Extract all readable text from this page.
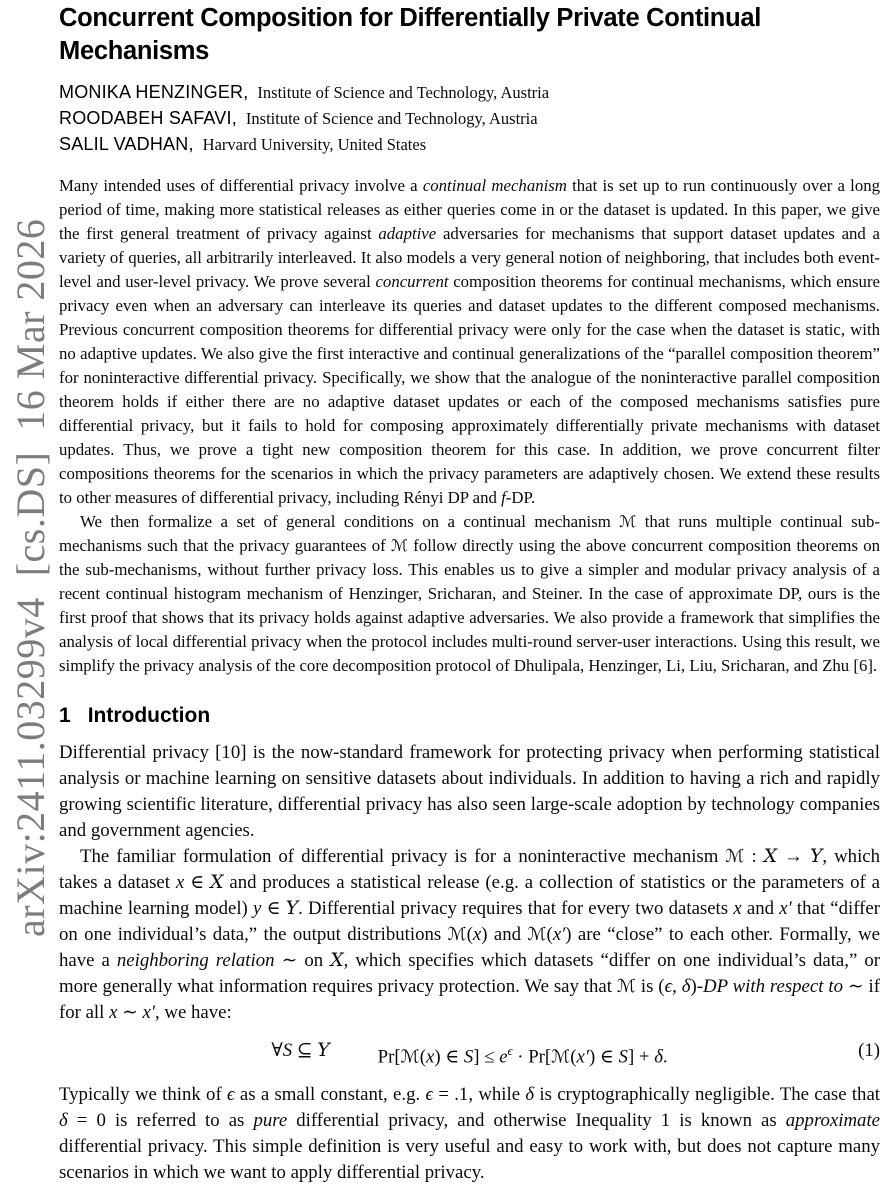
arXiv:2411.03299v4  [cs.DS]  16 Mar 2026
Concurrent Composition for Differentially Private Continual Mechanisms
MONIKA HENZINGER, Institute of Science and Technology, Austria
ROODABEH SAFAVI, Institute of Science and Technology, Austria
SALIL VADHAN, Harvard University, United States

Many intended uses of differential privacy involve a continual mechanism that is set up to run continuously over a long period of time, making more statistical releases as either queries come in or the dataset is updated. In this paper, we give the first general treatment of privacy against adaptive adversaries for mechanisms that support dataset updates and a variety of queries, all arbitrarily interleaved. It also models a very general notion of neighboring, that includes both event-level and user-level privacy. We prove several concurrent composition theorems for continual mechanisms, which ensure privacy even when an adversary can interleave its queries and dataset updates to the different composed mechanisms. Previous concurrent composition theorems for differential privacy were only for the case when the dataset is static, with no adaptive updates. We also give the first interactive and continual generalizations of the “parallel composition theorem” for noninteractive differential privacy. Specifically, we show that the analogue of the noninteractive parallel composition theorem holds if either there are no adaptive dataset updates or each of the composed mechanisms satisfies pure differential privacy, but it fails to hold for composing approximately differentially private mechanisms with dataset updates. Thus, we prove a tight new composition theorem for this case. In addition, we prove concurrent filter compositions theorems for the scenarios in which the privacy parameters are adaptively chosen. We extend these results to other measures of differential privacy, including Rényi DP and f-DP.

We then formalize a set of general conditions on a continual mechanism ℳ that runs multiple continual sub-mechanisms such that the privacy guarantees of ℳ follow directly using the above concurrent composition theorems on the sub-mechanisms, without further privacy loss. This enables us to give a simpler and modular privacy analysis of a recent continual histogram mechanism of Henzinger, Sricharan, and Steiner. In the case of approximate DP, ours is the first proof that shows that its privacy holds against adaptive adversaries. We also provide a framework that simplifies the analysis of local differential privacy when the protocol includes multi-round server-user interactions. Using this result, we simplify the privacy analysis of the core decomposition protocol of Dhulipala, Henzinger, Li, Liu, Sricharan, and Zhu [6].

1 Introduction

Differential privacy [10] is the now-standard framework for protecting privacy when performing statistical analysis or machine learning on sensitive datasets about individuals. In addition to having a rich and rapidly growing scientific literature, differential privacy has also seen large-scale adoption by technology companies and government agencies.

The familiar formulation of differential privacy is for a noninteractive mechanism ℳ : X → Y, which takes a dataset x ∈ X and produces a statistical release (e.g. a collection of statistics or the parameters of a machine learning model) y ∈ Y. Differential privacy requires that for every two datasets x and x′ that “differ on one individual’s data,” the output distributions ℳ(x) and ℳ(x′) are “close” to each other. Formally, we have a neighboring relation ∼ on X, which specifies which datasets “differ on one individual’s data,” or more generally what information requires privacy protection. We say that ℳ is (ϵ, δ)-DP with respect to ∼ if for all x ∼ x′, we have:

∀S ⊆ Y	Pr[ℳ(x) ∈ $S] \le e^\epsilon$ · Pr[ℳ(x′) ∈ S] + δ.	(1)

Typically we think of ϵ as a small constant, e.g. ϵ = .1, while δ is cryptographically negligible. The case that δ = 0 is referred to as pure differential privacy, and otherwise Inequality 1 is known as approximate differential privacy. This simple definition is very useful and easy to work with, but does not capture many scenarios in which we want to apply differential privacy.
